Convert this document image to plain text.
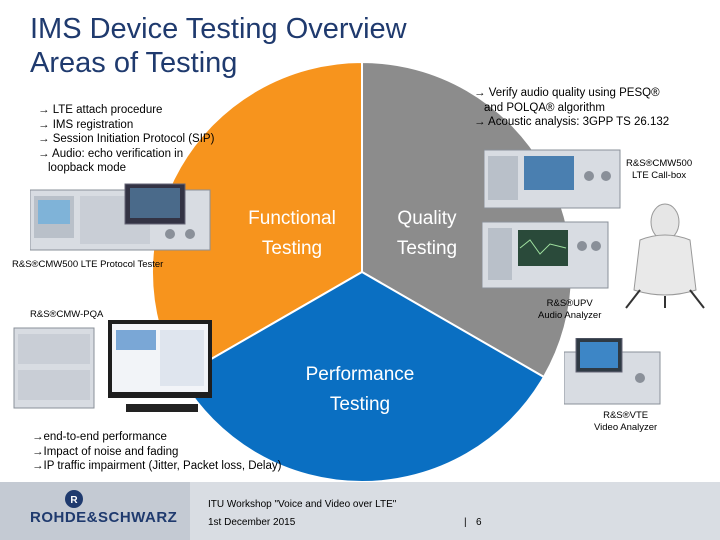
IMS Device Testing Overview
Areas of Testing
Functional
Testing
Quality
Testing
Performance
Testing
→ LTE attach procedure
→ IMS registration
→ Session Initiation Protocol (SIP)
→ Audio: echo verification in
loopback mode
→ Verify audio quality using PESQ®
and POLQA® algorithm
→ Acoustic analysis: 3GPP TS 26.132
→end-to-end performance
→Impact of noise and fading
→IP traffic impairment (Jitter, Packet loss, Delay)
R&S®CMW500 LTE Protocol Tester
R&S®CMW500
LTE Call-box
R&S®UPV
Audio Analyzer
R&S®VTE
Video Analyzer
R&S®CMW-PQA
R
ROHDE&SCHWARZ
ITU Workshop "Voice and Video over LTE"
1st December 2015	| 6
